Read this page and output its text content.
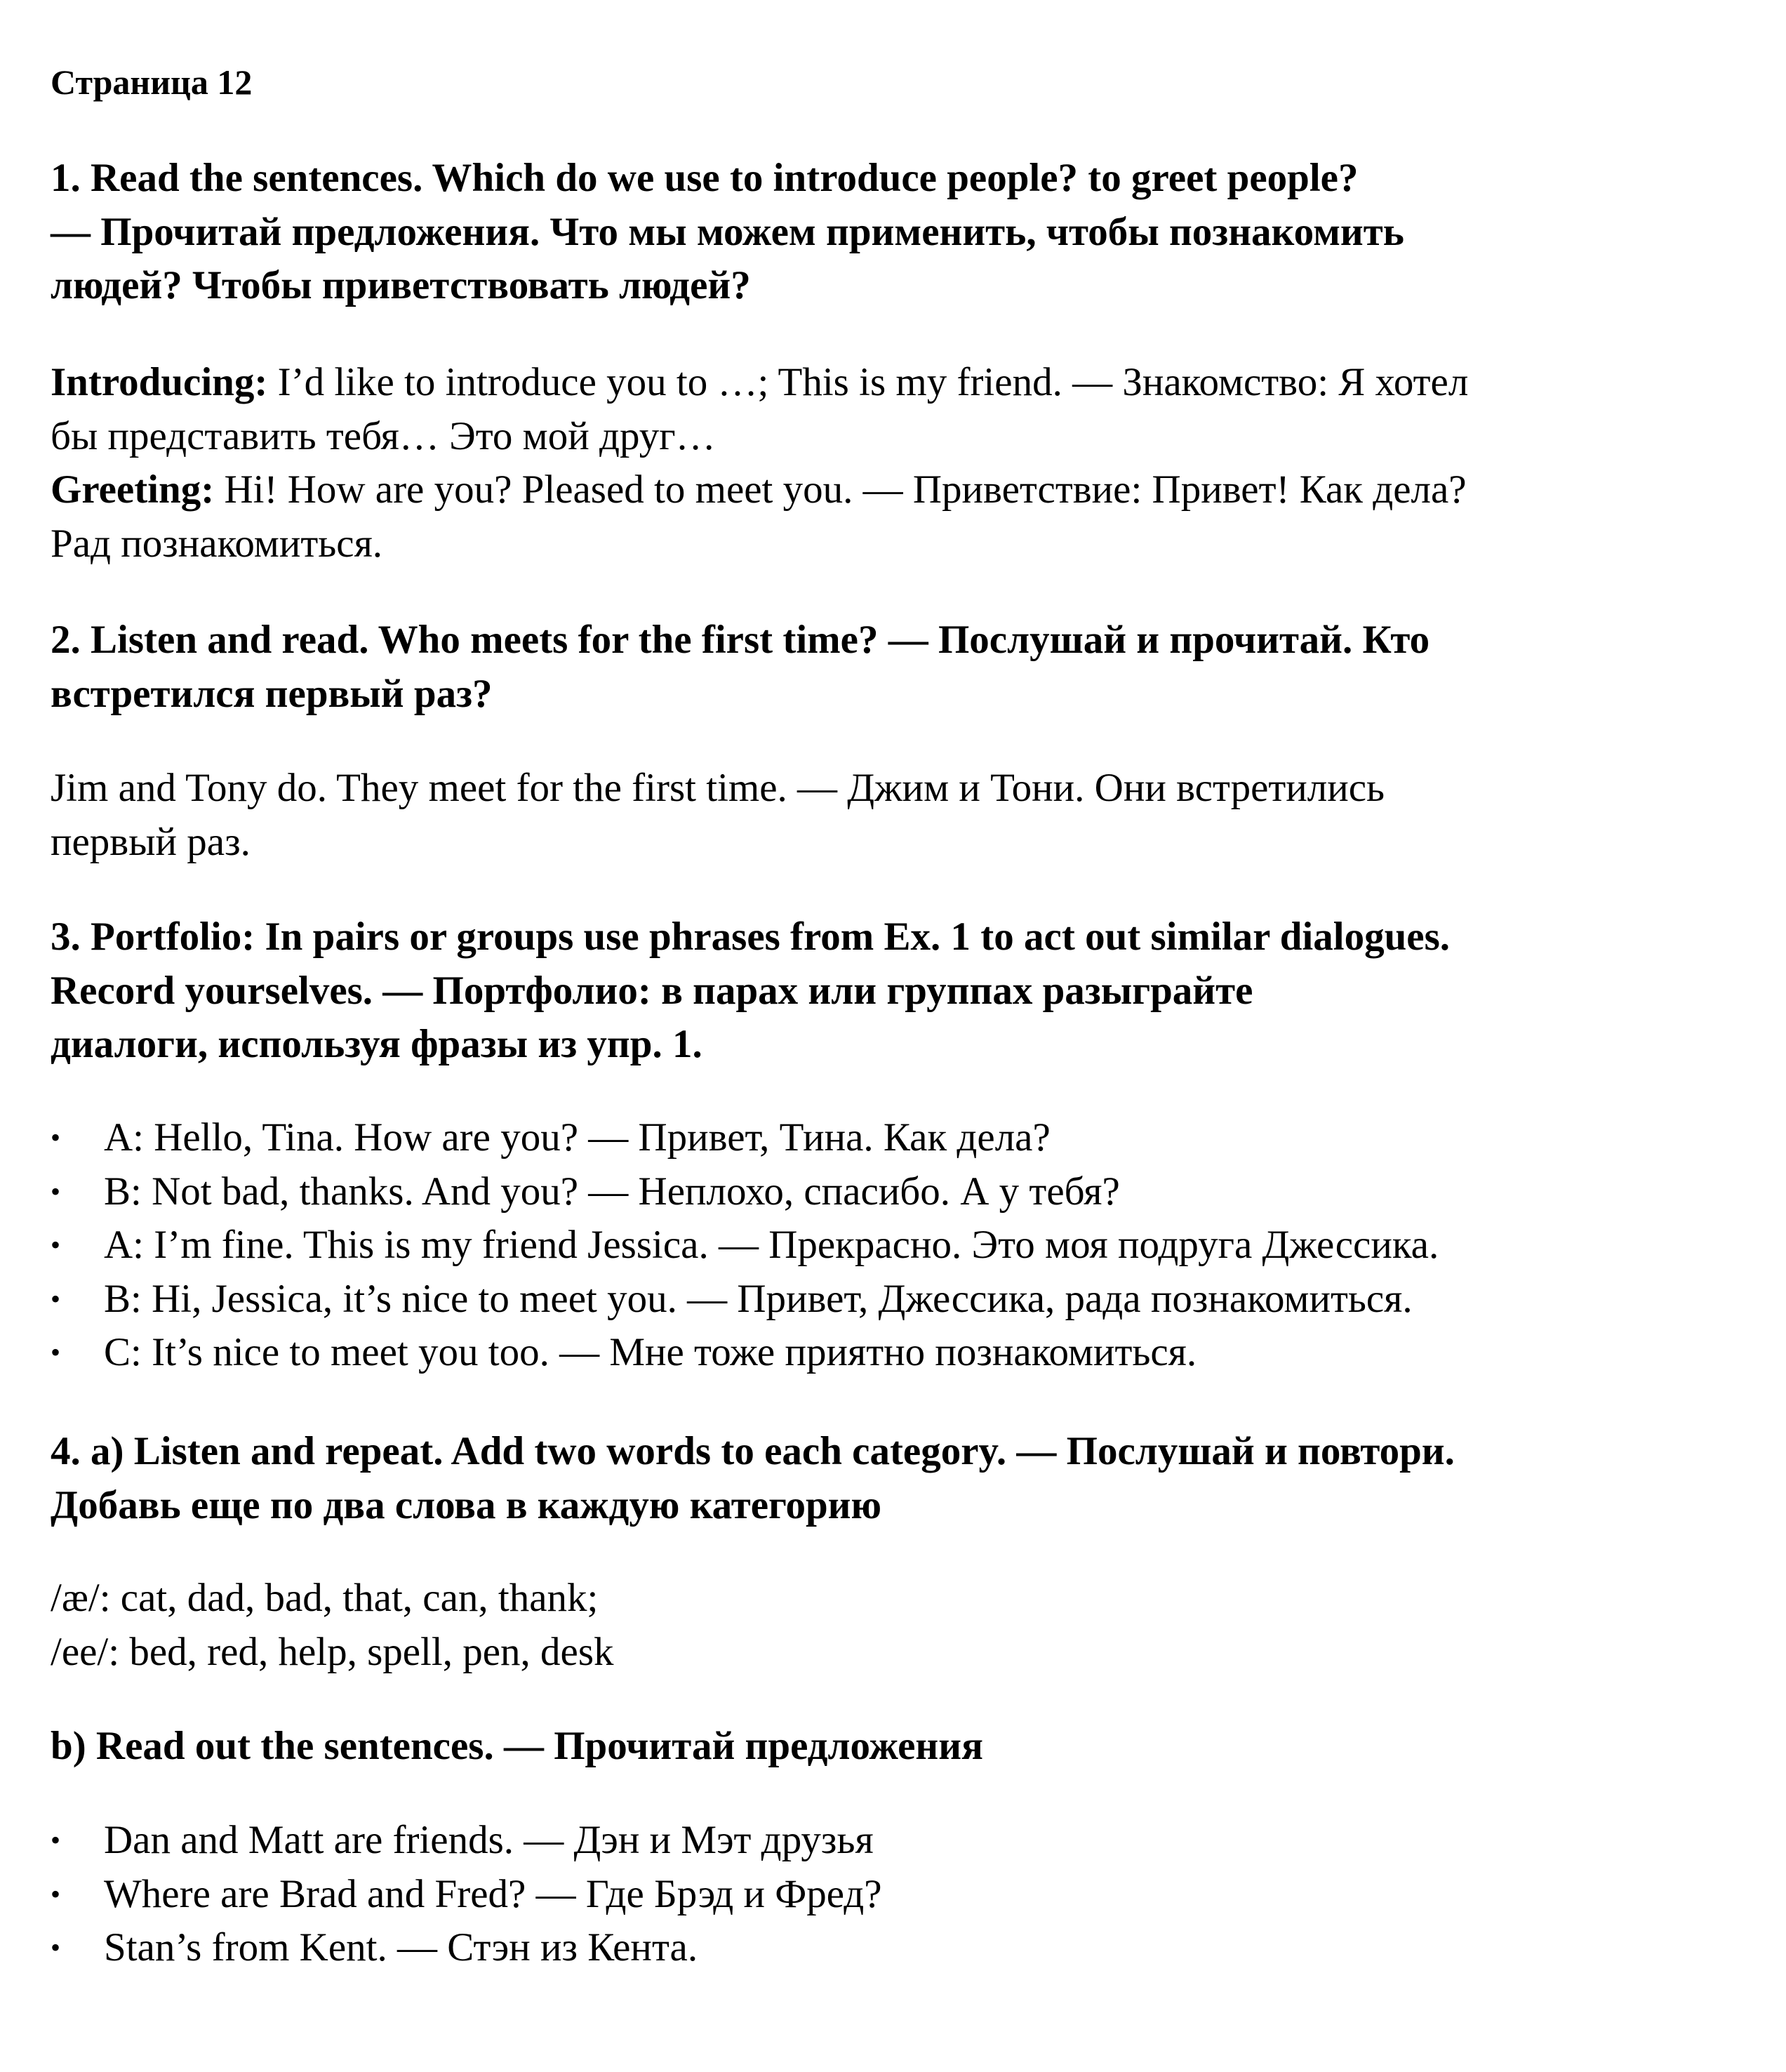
Страница 12
1. Read the sentences. Which do we use to introduce people? to greet people?
— Прочитай предложения. Что мы можем применить, чтобы познакомить
людей? Чтобы приветствовать людей?
Introducing: I’d like to introduce you to …; This is my friend. — Знакомство: Я хотел
бы представить тебя… Это мой друг…
Greeting: Hi! How are you? Pleased to meet you. — Приветствие: Привет! Как дела?
Рад познакомиться.
2. Listen and read. Who meets for the first time? — Послушай и прочитай. Кто
встретился первый раз?
Jim and Tony do. They meet for the first time. — Джим и Тони. Они встретились
первый раз.
3. Portfolio: In pairs or groups use phrases from Ex. 1 to act out similar dialogues.
Record yourselves. — Портфолио: в парах или группах разыграйте
диалоги, используя фразы из упр. 1.
• A: Hello, Tina. How are you? — Привет, Тина. Как дела?
• B: Not bad, thanks. And you? — Неплохо, спасибо. А у тебя?
• A: I’m fine. This is my friend Jessica. — Прекрасно. Это моя подруга Джессика.
• B: Hi, Jessica, it’s nice to meet you. — Привет, Джессика, рада познакомиться.
• C: It’s nice to meet you too. — Мне тоже приятно познакомиться.
4. a) Listen and repeat. Add two words to each category. — Послушай и повтори.
Добавь еще по два слова в каждую категорию
/æ/: cat, dad, bad, that, can, thank;
/ee/: bed, red, help, spell, pen, desk
b) Read out the sentences. — Прочитай предложения
• Dan and Matt are friends. — Дэн и Мэт друзья
• Where are Brad and Fred? — Где Брэд и Фред?
• Stan’s from Kent. — Стэн из Кента.
